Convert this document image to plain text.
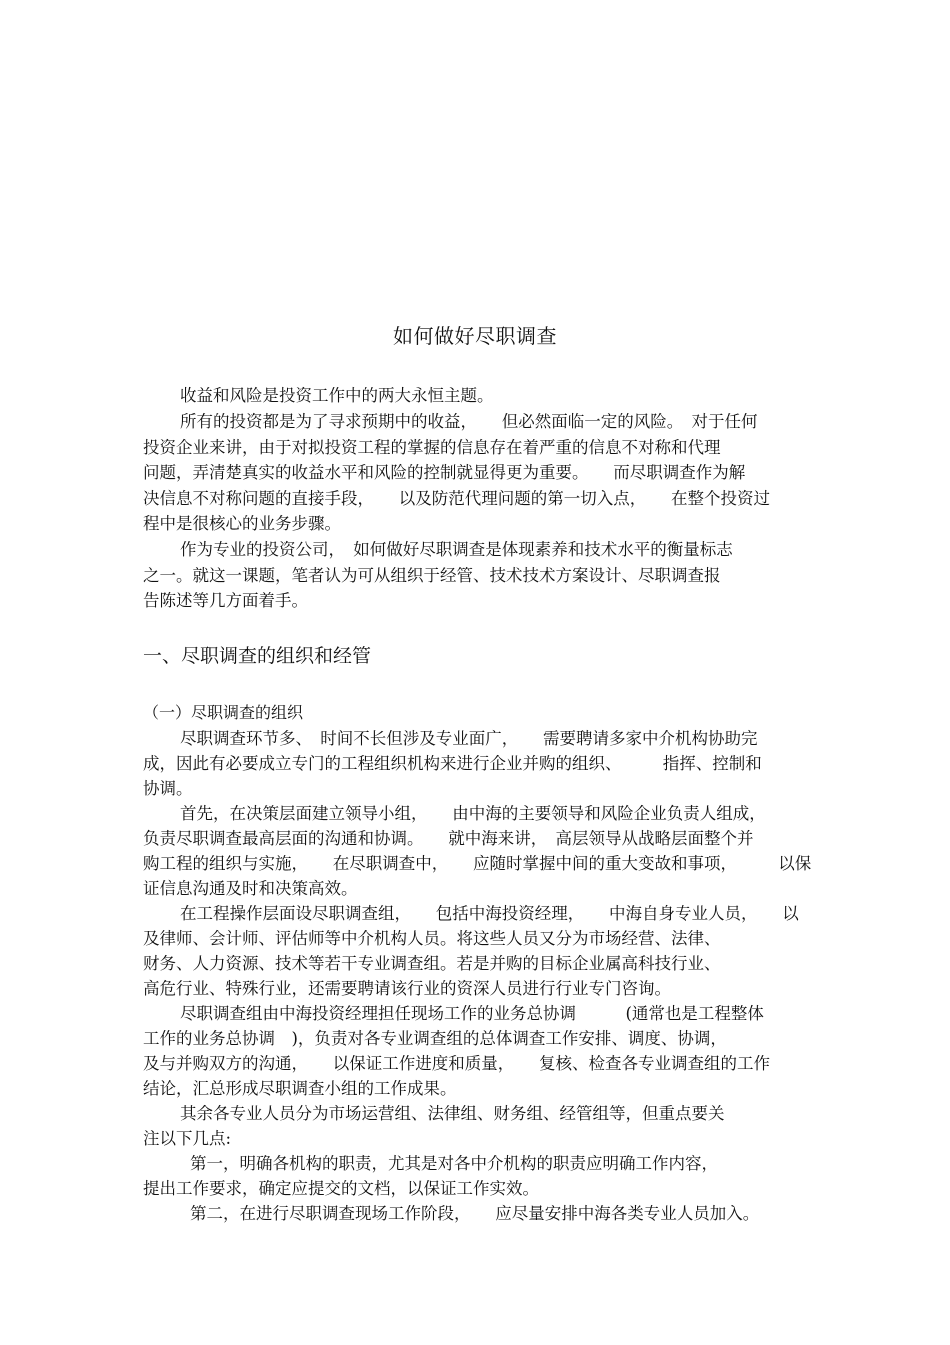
如何做好尽职调查
收益和风险是投资工作中的两大永恒主题。
所有的投资都是为了寻求预期中的收益，　　但必然面临一定的风险。　对于任何
投资企业来讲，由于对拟投资工程的掌握的信息存在着严重的信息不对称和代理
问题，弄清楚真实的收益水平和风险的控制就显得更为重要。　　而尽职调查作为解
决信息不对称问题的直接手段，　　以及防范代理问题的第一切入点，　　在整个投资过
程中是很核心的业务步骤。
作为专业的投资公司，　如何做好尽职调查是体现素养和技术水平的衡量标志
之一。就这一课题，笔者认为可从组织于经管、技术技术方案设计、尽职调查报
告陈述等几方面着手。
一、尽职调查的组织和经管
（一）尽职调查的组织
尽职调查环节多、　时间不长但涉及专业面广，　　需要聘请多家中介机构协助完
成，因此有必要成立专门的工程组织机构来进行企业并购的组织、　　　指挥、控制和
协调。
首先，在决策层面建立领导小组，　　由中海的主要领导和风险企业负责人组成，
负责尽职调查最高层面的沟通和协调。　　就中海来讲，　高层领导从战略层面整个并
购工程的组织与实施，　　在尽职调查中，　　应随时掌握中间的重大变故和事项，　　　以保
证信息沟通及时和决策高效。
在工程操作层面设尽职调查组，　　包括中海投资经理，　　中海自身专业人员，　　以
及律师、会计师、评估师等中介机构人员。将这些人员又分为市场经营、法律、
财务、人力资源、技术等若干专业调查组。若是并购的目标企业属高科技行业、
高危行业、特殊行业，还需要聘请该行业的资深人员进行行业专门咨询。
尽职调查组由中海投资经理担任现场工作的业务总协调　　　(通常也是工程整体
工作的业务总协调　)，负责对各专业调查组的总体调查工作安排、调度、协调，
及与并购双方的沟通，　　以保证工作进度和质量，　　复核、检查各专业调查组的工作
结论，汇总形成尽职调查小组的工作成果。
其余各专业人员分为市场运营组、法律组、财务组、经管组等，但重点要关
注以下几点:
第一，明确各机构的职责，尤其是对各中介机构的职责应明确工作内容，
提出工作要求，确定应提交的文档，以保证工作实效。
第二，在进行尽职调查现场工作阶段，　　应尽量安排中海各类专业人员加入。
